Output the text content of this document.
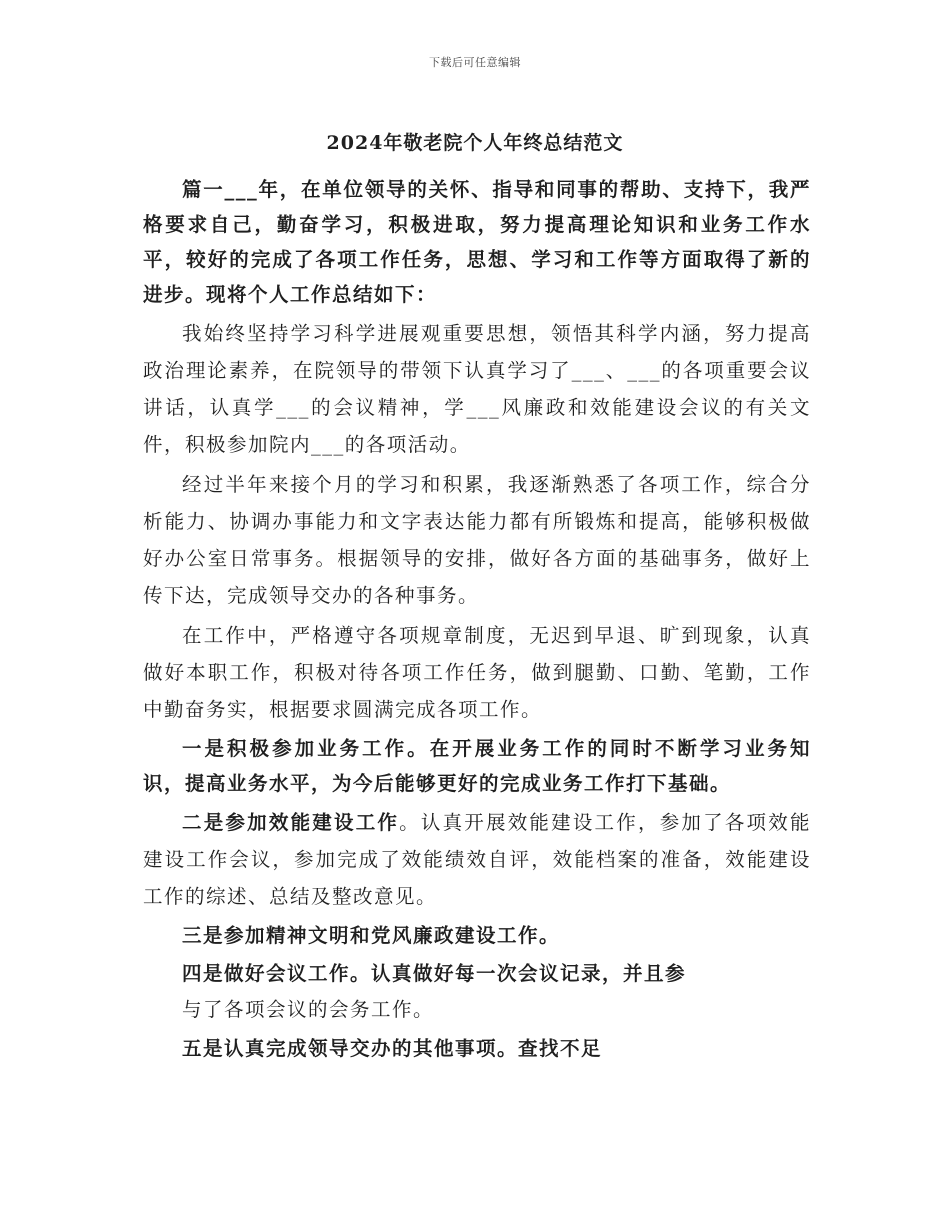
下载后可任意编辑
2024年敬老院个人年终总结范文

篇一___年，在单位领导的关怀、指导和同事的帮助、支持下，我严格要求自己，勤奋学习，积极进取，努力提高理论知识和业务工作水平，较好的完成了各项工作任务，思想、学习和工作等方面取得了新的进步。现将个人工作总结如下：

我始终坚持学习科学进展观重要思想，领悟其科学内涵，努力提高政治理论素养，在院领导的带领下认真学习了___、___的各项重要会议讲话，认真学___的会议精神，学___风廉政和效能建设会议的有关文件，积极参加院内___的各项活动。

经过半年来接个月的学习和积累，我逐渐熟悉了各项工作，综合分析能力、协调办事能力和文字表达能力都有所锻炼和提高，能够积极做好办公室日常事务。根据领导的安排，做好各方面的基础事务，做好上传下达，完成领导交办的各种事务。

在工作中，严格遵守各项规章制度，无迟到早退、旷到现象，认真做好本职工作，积极对待各项工作任务，做到腿勤、口勤、笔勤，工作中勤奋务实，根据要求圆满完成各项工作。

一是积极参加业务工作。在开展业务工作的同时不断学习业务知识，提高业务水平，为今后能够更好的完成业务工作打下基础。

二是参加效能建设工作。认真开展效能建设工作，参加了各项效能建设工作会议，参加完成了效能绩效自评，效能档案的准备，效能建设工作的综述、总结及整改意见。

三是参加精神文明和党风廉政建设工作。

四是做好会议工作。认真做好每一次会议记录，并且参

与了各项会议的会务工作。

五是认真完成领导交办的其他事项。查找不足
